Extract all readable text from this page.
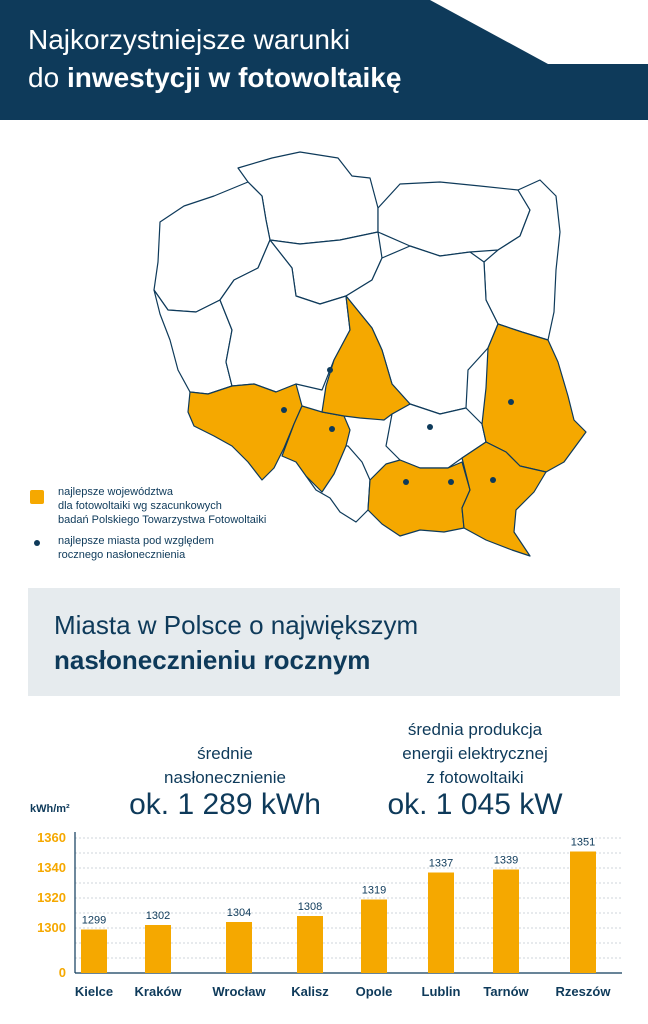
Najkorzystniejsze warunki
do inwestycji w fotowoltaikę
najlepsze województwa
dla fotowoltaiki wg szacunkowych
badań Polskiego Towarzystwa Fotowoltaiki
najlepsze miasta pod względem
rocznego nasłonecznienia
Miasta w Polsce o największym
nasłonecznieniu rocznym
średnie
nasłonecznienie
ok. 1 289 kWh
średnia produkcja
energii elektrycznej
z fotowoltaiki
ok. 1 045 kW
kWh/m²
1360
1340
1320
1300
0
1299
Kielce
1302
Kraków
1304
Wrocław
1308
Kalisz
1319
Opole
1337
Lublin
1339
Tarnów
1351
Rzeszów
